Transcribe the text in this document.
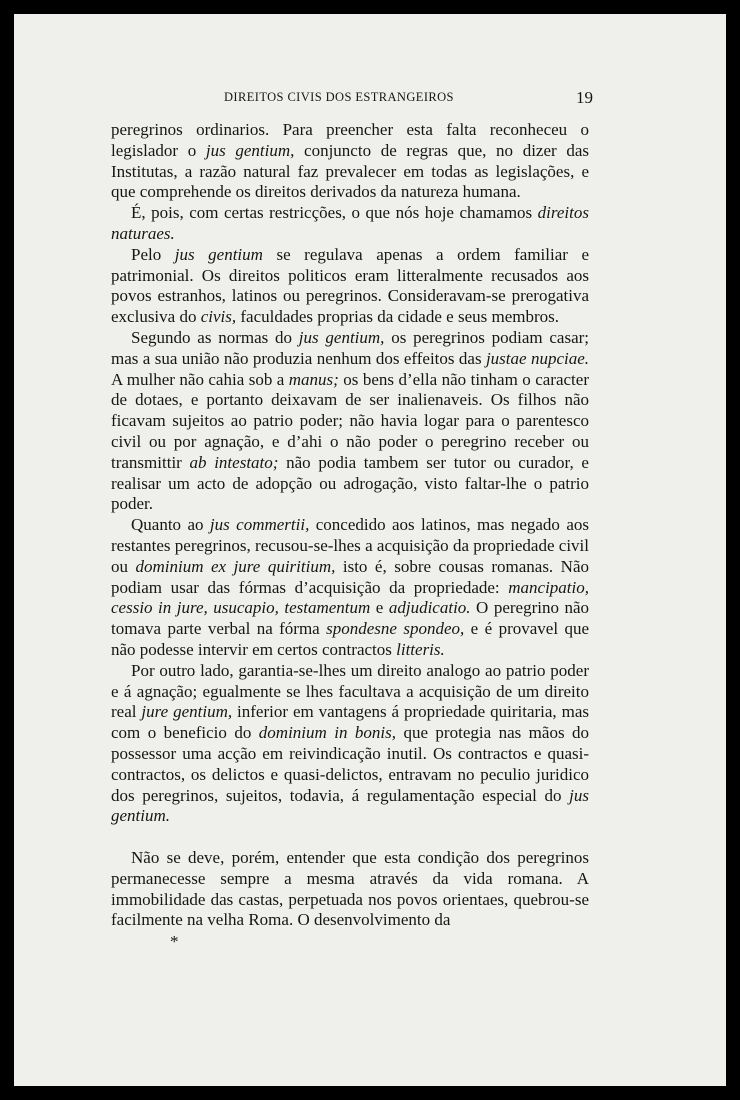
DIREITOS CIVIS DOS ESTRANGEIROS	19

peregrinos ordinarios. Para preencher esta falta reconheceu o legislador o jus gentium, conjuncto de regras que, no dizer das Institutas, a razão natural faz prevalecer em todas as legislações, e que comprehende os direitos derivados da natureza humana.

É, pois, com certas restricções, o que nós hoje chamamos direitos naturaes.

Pelo jus gentium se regulava apenas a ordem familiar e patrimonial. Os direitos politicos eram litteralmente recusados aos povos estranhos, latinos ou peregrinos. Consideravam-se prerogativa exclusiva do civis, faculdades proprias da cidade e seus membros.

Segundo as normas do jus gentium, os peregrinos podiam casar; mas a sua união não produzia nenhum dos effeitos das justae nupciae. A mulher não cahia sob a manus; os bens d’ella não tinham o caracter de dotaes, e portanto deixavam de ser inalienaveis. Os filhos não ficavam sujeitos ao patrio poder; não havia logar para o parentesco civil ou por agnação, e d’ahi o não poder o peregrino receber ou transmittir ab intestato; não podia tambem ser tutor ou curador, e realisar um acto de adopção ou adrogação, visto faltar-lhe o patrio poder.

Quanto ao jus commertii, concedido aos latinos, mas negado aos restantes peregrinos, recusou-se-lhes a acquisição da propriedade civil ou dominium ex jure quiritium, isto é, sobre cousas romanas. Não podiam usar das fórmas d’acquisição da propriedade: mancipatio, cessio in jure, usucapio, testamentum e adjudicatio. O peregrino não tomava parte verbal na fórma spondesne spondeo, e é provavel que não podesse intervir em certos contractos litteris.

Por outro lado, garantia-se-lhes um direito analogo ao patrio poder e á agnação; egualmente se lhes facultava a acquisição de um direito real jure gentium, inferior em vantagens á propriedade quiritaria, mas com o beneficio do dominium in bonis, que protegia nas mãos do possessor uma acção em reivindicação inutil. Os contractos e quasi-contractos, os delictos e quasi-delictos, entravam no peculio juridico dos peregrinos, sujeitos, todavia, á regulamentação especial do jus gentium.

Não se deve, porém, entender que esta condição dos peregrinos permanecesse sempre a mesma através da vida romana. A immobilidade das castas, perpetuada nos povos orientaes, quebrou-se facilmente na velha Roma. O desenvolvimento da

*
